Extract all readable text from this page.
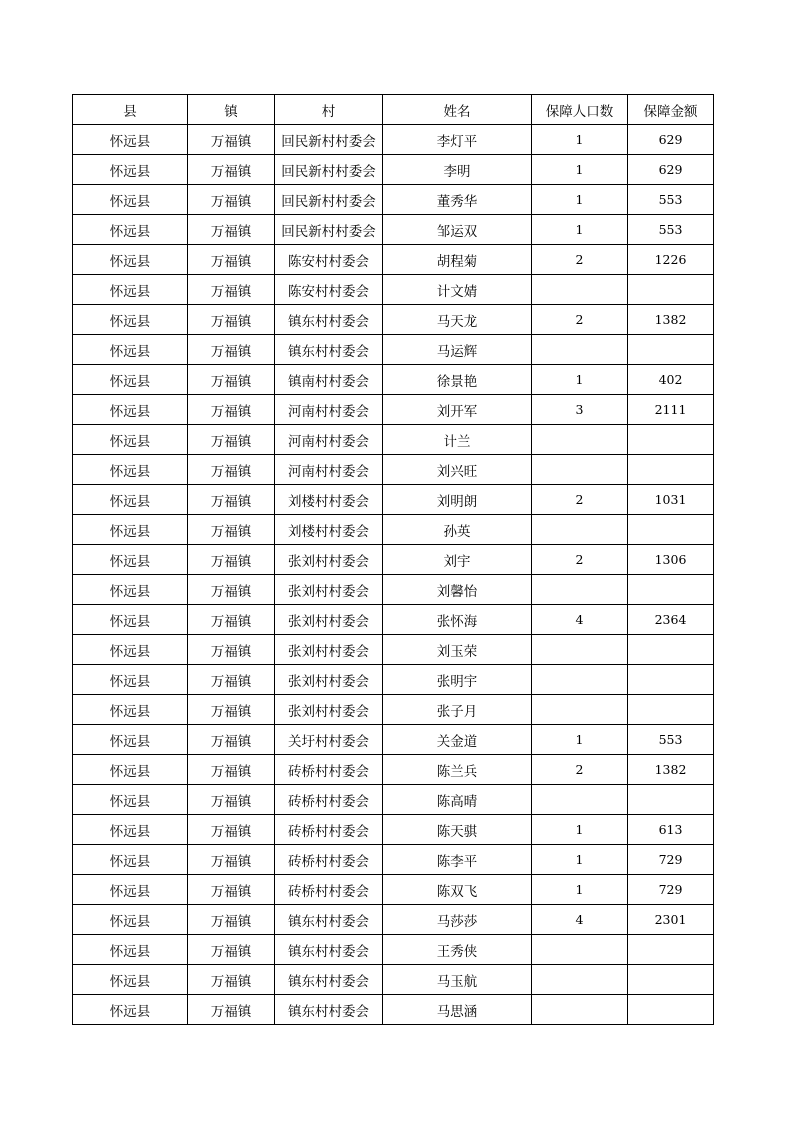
县	镇	村	姓名	保障人口数	保障金额
怀远县	万福镇	回民新村村委会	李灯平	1	629
怀远县	万福镇	回民新村村委会	李明	1	629
怀远县	万福镇	回民新村村委会	董秀华	1	553
怀远县	万福镇	回民新村村委会	邹运双	1	553
怀远县	万福镇	陈安村村委会	胡程菊	2	1226
怀远县	万福镇	陈安村村委会	计文婧		
怀远县	万福镇	镇东村村委会	马天龙	2	1382
怀远县	万福镇	镇东村村委会	马运辉		
怀远县	万福镇	镇南村村委会	徐景艳	1	402
怀远县	万福镇	河南村村委会	刘开军	3	2111
怀远县	万福镇	河南村村委会	计兰		
怀远县	万福镇	河南村村委会	刘兴旺		
怀远县	万福镇	刘楼村村委会	刘明朗	2	1031
怀远县	万福镇	刘楼村村委会	孙英		
怀远县	万福镇	张刘村村委会	刘宇	2	1306
怀远县	万福镇	张刘村村委会	刘馨怡		
怀远县	万福镇	张刘村村委会	张怀海	4	2364
怀远县	万福镇	张刘村村委会	刘玉荣		
怀远县	万福镇	张刘村村委会	张明宇		
怀远县	万福镇	张刘村村委会	张子月		
怀远县	万福镇	关圩村村委会	关金道	1	553
怀远县	万福镇	砖桥村村委会	陈兰兵	2	1382
怀远县	万福镇	砖桥村村委会	陈高晴		
怀远县	万福镇	砖桥村村委会	陈天骐	1	613
怀远县	万福镇	砖桥村村委会	陈李平	1	729
怀远县	万福镇	砖桥村村委会	陈双飞	1	729
怀远县	万福镇	镇东村村委会	马莎莎	4	2301
怀远县	万福镇	镇东村村委会	王秀侠		
怀远县	万福镇	镇东村村委会	马玉航		
怀远县	万福镇	镇东村村委会	马思涵		
